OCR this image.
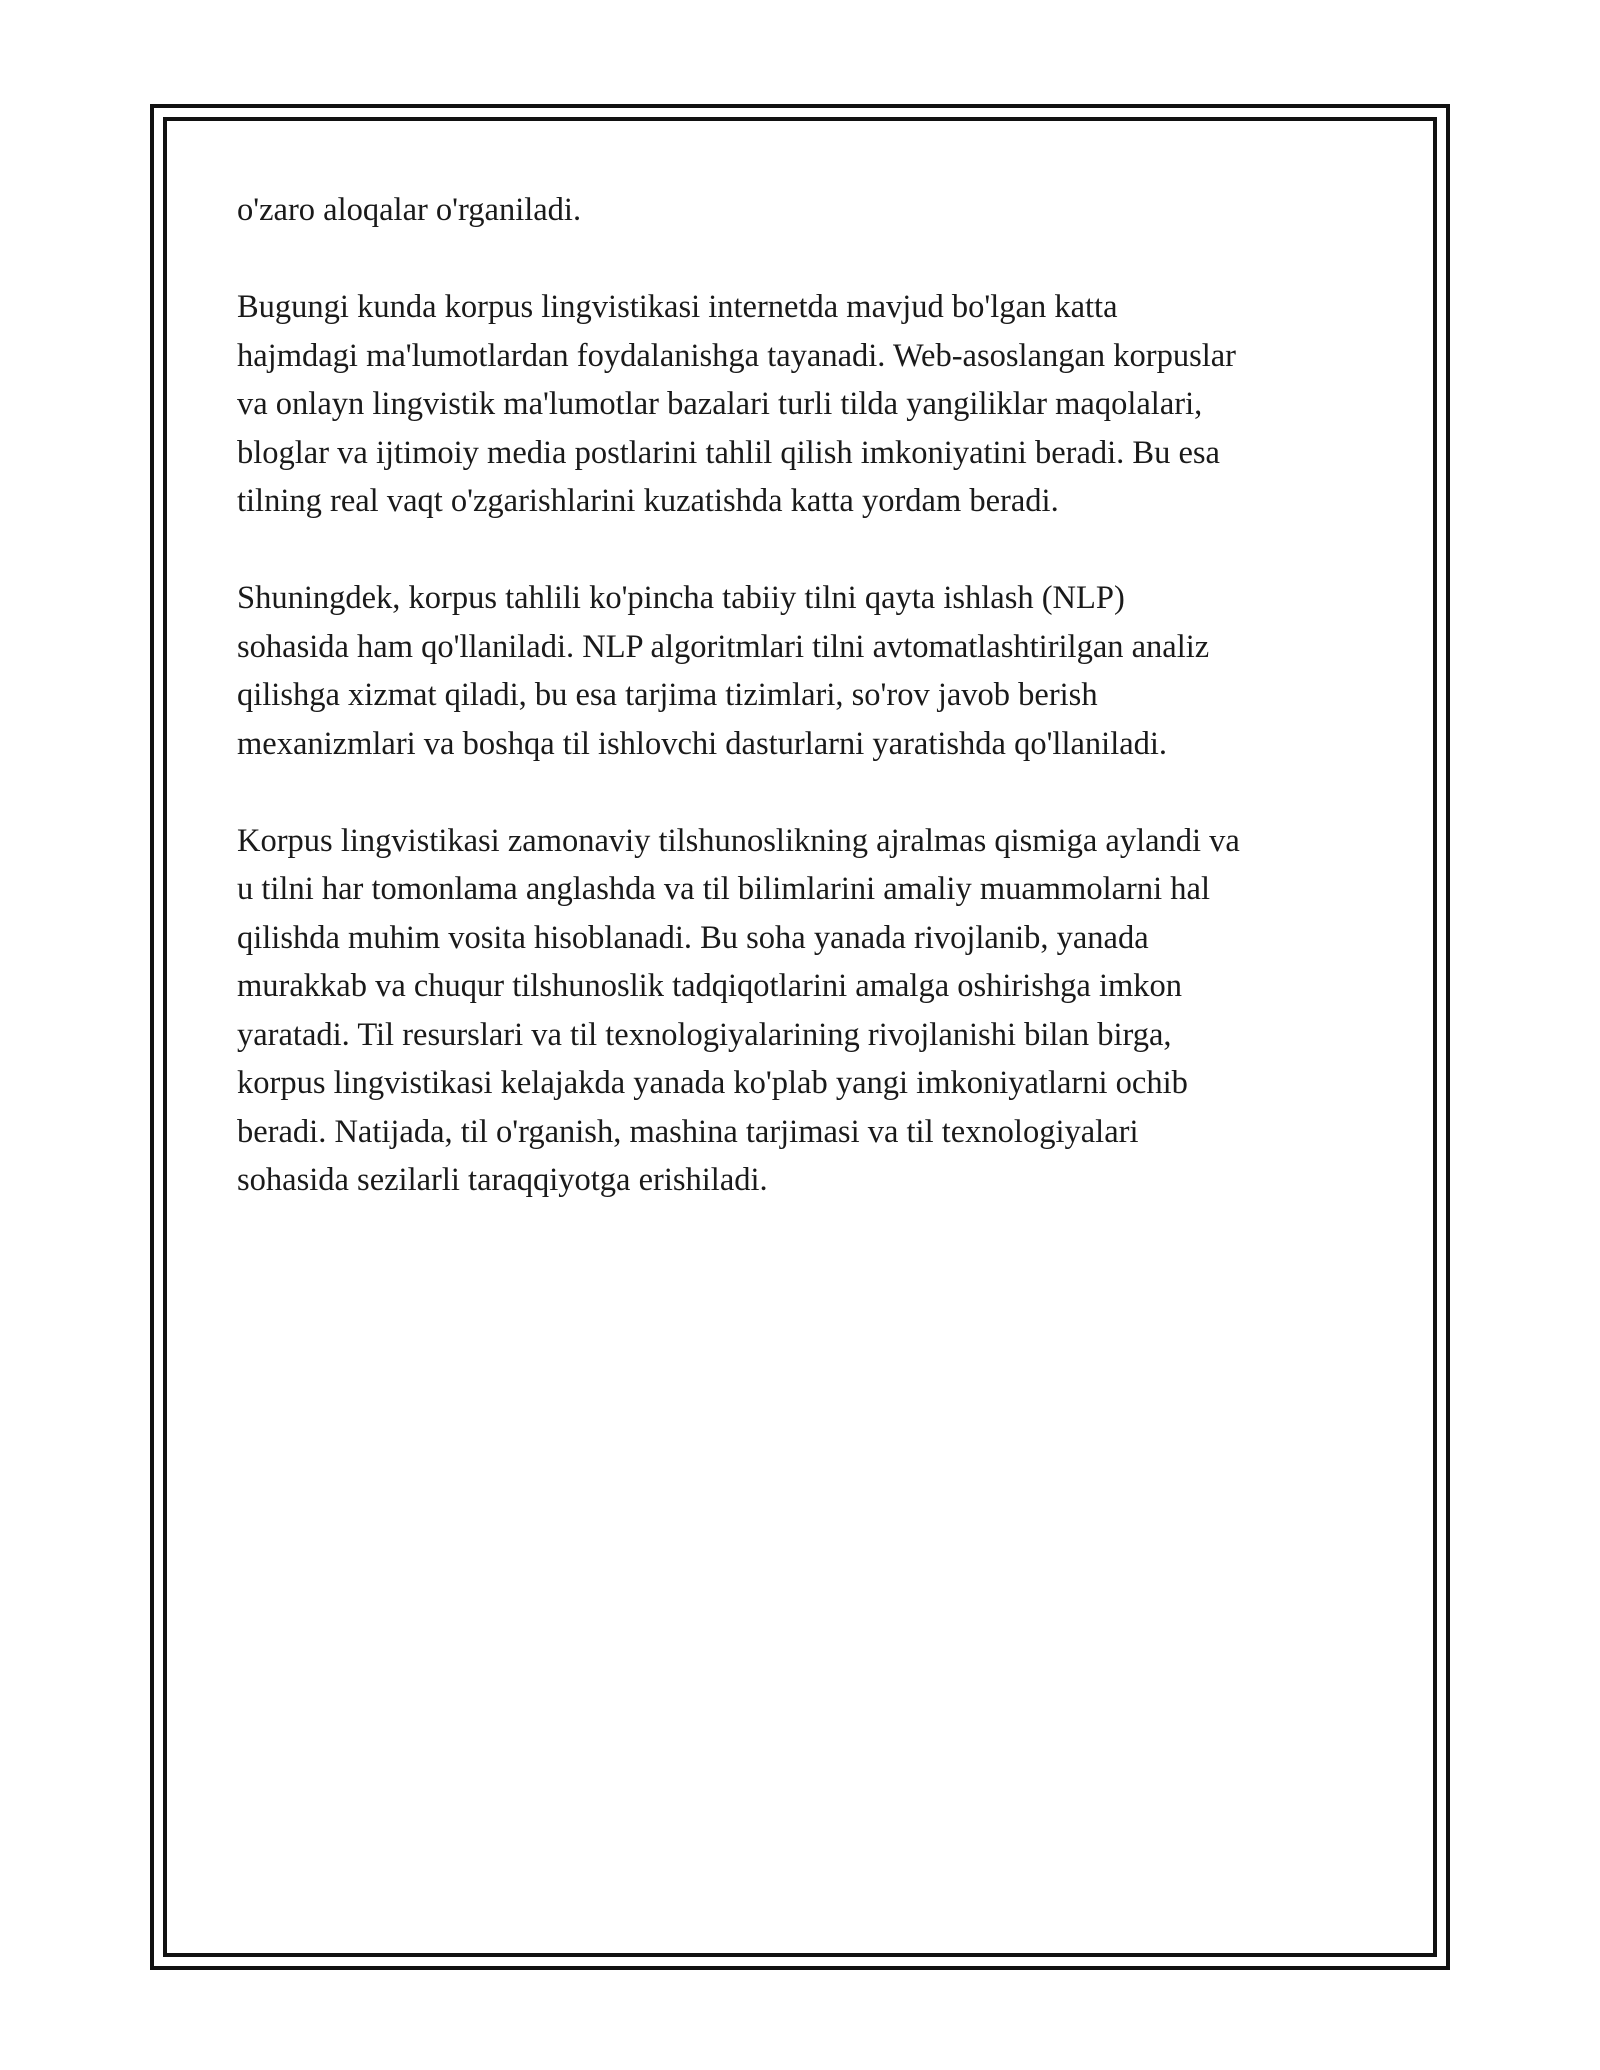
o'zaro aloqalar o'rganiladi.

Bugungi kunda korpus lingvistikasi internetda mavjud bo'lgan katta
hajmdagi ma'lumotlardan foydalanishga tayanadi. Web-asoslangan korpuslar
va onlayn lingvistik ma'lumotlar bazalari turli tilda yangiliklar maqolalari,
bloglar va ijtimoiy media postlarini tahlil qilish imkoniyatini beradi. Bu esa
tilning real vaqt o'zgarishlarini kuzatishda katta yordam beradi.

Shuningdek, korpus tahlili ko'pincha tabiiy tilni qayta ishlash (NLP)
sohasida ham qo'llaniladi. NLP algoritmlari tilni avtomatlashtirilgan analiz
qilishga xizmat qiladi, bu esa tarjima tizimlari, so'rov javob berish
mexanizmlari va boshqa til ishlovchi dasturlarni yaratishda qo'llaniladi.

Korpus lingvistikasi zamonaviy tilshunoslikning ajralmas qismiga aylandi va
u tilni har tomonlama anglashda va til bilimlarini amaliy muammolarni hal
qilishda muhim vosita hisoblanadi. Bu soha yanada rivojlanib, yanada
murakkab va chuqur tilshunoslik tadqiqotlarini amalga oshirishga imkon
yaratadi. Til resurslari va til texnologiyalarining rivojlanishi bilan birga,
korpus lingvistikasi kelajakda yanada ko'plab yangi imkoniyatlarni ochib
beradi. Natijada, til o'rganish, mashina tarjimasi va til texnologiyalari
sohasida sezilarli taraqqiyotga erishiladi.
